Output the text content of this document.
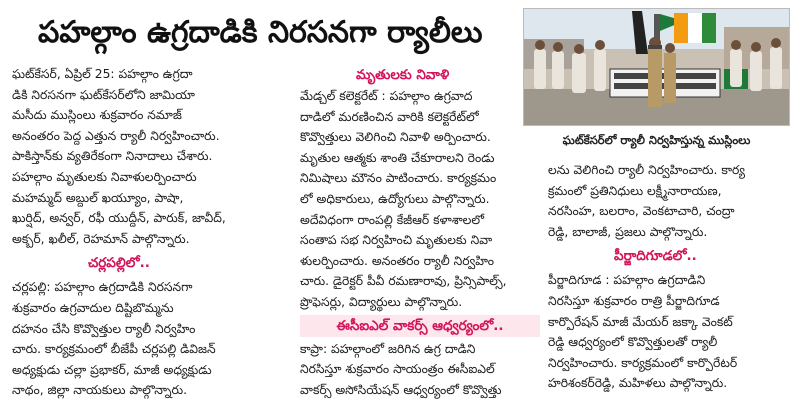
పహల్గాం ఉగ్రదాడికి నిరసనగా ర్యాలీలు
ఘట్‌కేసర్‌లో ర్యాలీ నిర్వహిస్తున్న ముస్లింలు

ఘట్‌కేసర్, ఏప్రిల్ 25: పహల్గాం ఉగ్రదా

డికి నిరసనగా ఘట్‌కేసర్‌లోని జామియా

మసీదు ముస్లింలు శుక్రవారం నమాజ్

అనంతరం పెద్ద ఎత్తున ర్యాలీ నిర్వహించారు.

పాకిస్తాన్‌కు వ్యతిరేకంగా నినాదాలు చేశారు.

పహల్గాం మృతులకు నివాళులర్పించారు

మహమ్మద్ అబ్దుల్ ఖయ్యూం, పాషా,

ఖుర్షిద్, అన్వర్, రఫీ యుద్దీన్, పారుక్, జావీద్,

అక్బర్, ఖలీల్, రెహమాన్ పాల్గొన్నారు.

చర్లపల్లిలో..

చర్లపల్లి: పహల్గాం ఉగ్రదాడికి నిరసనగా

శుక్రవారం ఉగ్రవాదుల దిష్టిబొమ్మను

దహనం చేసి కొవ్వొత్తుల ర్యాలీ నిర్వహిం

చారు. కార్యక్రమంలో బీజేపీ చర్లపల్లి డివిజన్

అధ్యక్షుడు చల్లా ప్రభాకర్, మాజీ అధ్యక్షుడు

నాథం, జిల్లా నాయకులు పాల్గొన్నారు.

మృతులకు నివాళి

మేడ్చల్ కలెక్టరేట్ : పహల్గాం ఉగ్రవాద

దాడిలో మరణించిన వారికి కలెక్టరేట్‌లో

కొవ్వొత్తులు వెలిగించి నివాళి అర్పించారు.

మృతుల ఆత్మకు శాంతి చేకూరాలని రెండు

నిమిషాలు మౌనం పాటించారు. కార్యక్రమం

లో అధికారులు, ఉద్యోగులు పాల్గొన్నారు.

అదేవిధంగా రాంపల్లి కేజీఆర్ కళాశాలలో

సంతాప సభ నిర్వహించి మృతులకు నివా

ళులర్పించారు. అనంతరం ర్యాలీ నిర్వహిం

చారు. డైరెక్టర్ పీవీ రమణారావు, ప్రిన్సిపాల్స్,

ప్రొఫెసర్లు, విద్యార్థులు పాల్గొన్నారు.

ఈసీఐఎల్ వాకర్స్ ఆధ్వర్యంలో..

కాప్రా: పహల్గాంలో జరిగిన ఉగ్ర దాడిని

నిరసిస్తూ శుక్రవారం సాయంత్రం ఈసీఐఎల్

వాకర్స్ అసోసియేషన్ ఆధ్వర్యంలో కొవ్వొత్తు

లను వెలిగించి ర్యాలీ నిర్వహించారు. కార్య

క్రమంలో ప్రతినిధులు లక్ష్మీనారాయణ,

నరసింహ, బలరాం, వెంకటాచారి, చంద్రా

రెడ్డి, బాలాజీ, ప్రజలు పాల్గొన్నారు.

పీర్జాదిగూడలో..

పీర్జాదిగూడ : పహల్గాం ఉగ్రదాడిని

నిరసిస్తూ శుక్రవారం రాత్రి పీర్జాదిగూడ

కార్పొరేషన్ మాజీ మేయర్ జక్కా వెంకట్

రెడ్డి ఆధ్వర్యంలో కొవ్వొత్తులతో ర్యాలీ

నిర్వహించారు. కార్యక్రమంలో కార్పొరేటర్

హరిశంకర్‌రెడ్డి, మహిళలు పాల్గొన్నారు.
